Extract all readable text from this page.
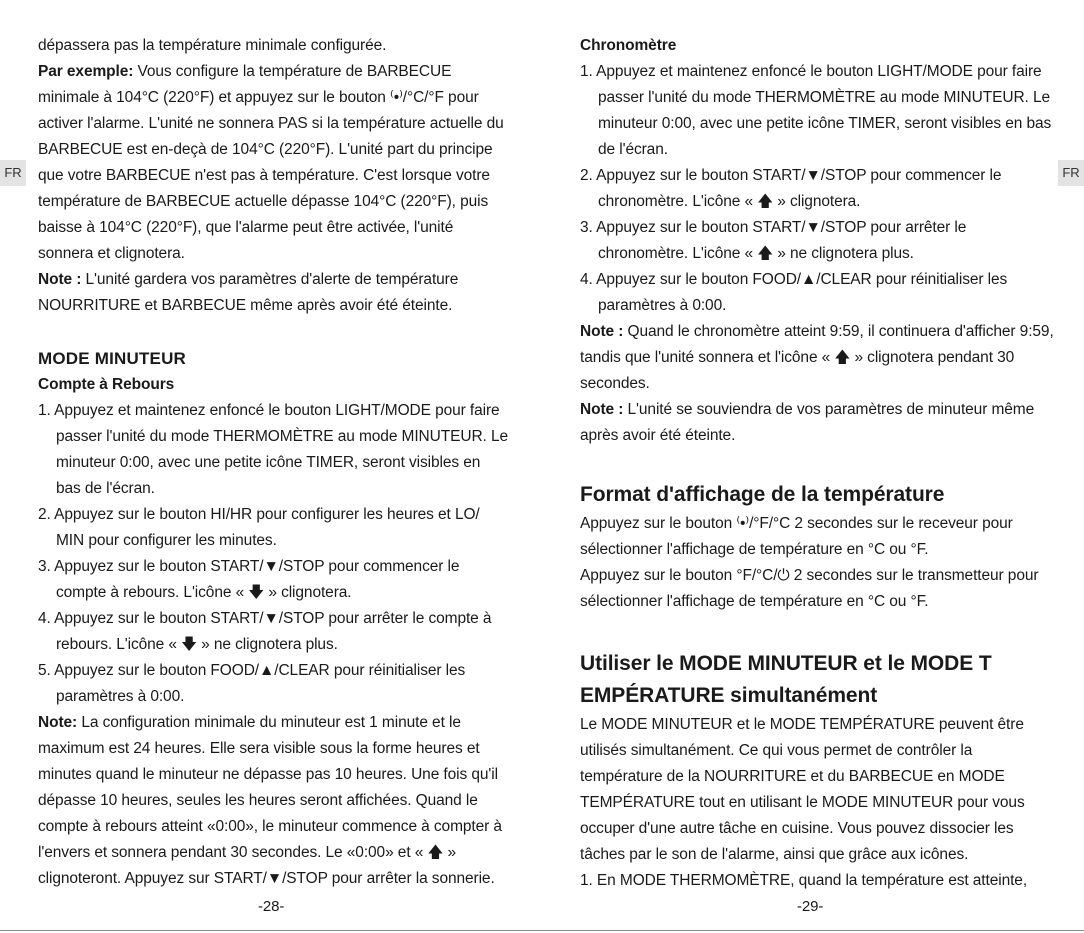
FR	FR

dépassera pas la température minimale configurée.

Par exemple: Vous configure la température de BARBECUE minimale à 104°C (220°F) et appuyez sur le bouton ⁽•⁾/°C/°F pour activer l'alarme. L'unité ne sonnera PAS si la température actuelle du BARBECUE est en-deçà de 104°C (220°F). L'unité part du principe que votre BARBECUE n'est pas à température. C'est lorsque votre température de BARBECUE actuelle dépasse 104°C (220°F), puis baisse à 104°C (220°F), que l'alarme peut être activée, l'unité sonnera et clignotera.

Note : L'unité gardera vos paramètres d'alerte de température NOURRITURE et BARBECUE même après avoir été éteinte.

MODE MINUTEUR

Compte à Rebours

1. Appuyez et maintenez enfoncé le bouton LIGHT/MODE pour faire passer l'unité du mode THERMOMÈTRE au mode MINUTEUR. Le minuteur 0:00, avec une petite icône TIMER, seront visibles en bas de l'écran.
2. Appuyez sur le bouton HI/HR pour configurer les heures et LO/ MIN pour configurer les minutes.
3. Appuyez sur le bouton START/▼/STOP pour commencer le compte à rebours. L'icône « 🡇 » clignotera.
4. Appuyez sur le bouton START/▼/STOP pour arrêter le compte à rebours. L'icône « 🡇 » ne clignotera plus.
5. Appuyez sur le bouton FOOD/▲/CLEAR pour réinitialiser les paramètres à 0:00.

Note: La configuration minimale du minuteur est 1 minute et le maximum est 24 heures. Elle sera visible sous la forme heures et minutes quand le minuteur ne dépasse pas 10 heures. Une fois qu'il dépasse 10 heures, seules les heures seront affichées. Quand le compte à rebours atteint «0:00», le minuteur commence à compter à l'envers et sonnera pendant 30 secondes. Le «0:00» et « 🡅 » clignoteront. Appuyez sur START/▼/STOP pour arrêter la sonnerie.

Chronomètre

1. Appuyez et maintenez enfoncé le bouton LIGHT/MODE pour faire passer l'unité du mode THERMOMÈTRE au mode MINUTEUR. Le minuteur 0:00, avec une petite icône TIMER, seront visibles en bas de l'écran.
2. Appuyez sur le bouton START/▼/STOP pour commencer le chronomètre. L'icône « 🡅 » clignotera.
3. Appuyez sur le bouton START/▼/STOP pour arrêter le chronomètre. L'icône « 🡅 » ne clignotera plus.
4. Appuyez sur le bouton FOOD/▲/CLEAR pour réinitialiser les paramètres à 0:00.

Note : Quand le chronomètre atteint 9:59, il continuera d'afficher 9:59, tandis que l'unité sonnera et l'icône « 🡅 » clignotera pendant 30 secondes.

Note : L'unité se souviendra de vos paramètres de minuteur même après avoir été éteinte.

Format d'affichage de la température

Appuyez sur le bouton ⁽•⁾/°F/°C 2 secondes sur le receveur pour sélectionner l'affichage de température en °C ou °F.

Appuyez sur le bouton °F/°C/⏻ 2 secondes sur le transmetteur pour sélectionner l'affichage de température en °C ou °F.

Utiliser le MODE MINUTEUR et le MODE T EMPÉRATURE simultanément

Le MODE MINUTEUR et le MODE TEMPÉRATURE peuvent être utilisés simultanément. Ce qui vous permet de contrôler la température de la NOURRITURE et du BARBECUE en MODE TEMPÉRATURE tout en utilisant le MODE MINUTEUR pour vous occuper d'une autre tâche en cuisine. Vous pouvez dissocier les tâches par le son de l'alarme, ainsi que grâce aux icônes.

1. En MODE THERMOMÈTRE, quand la température est atteinte,

-28-	-29-
